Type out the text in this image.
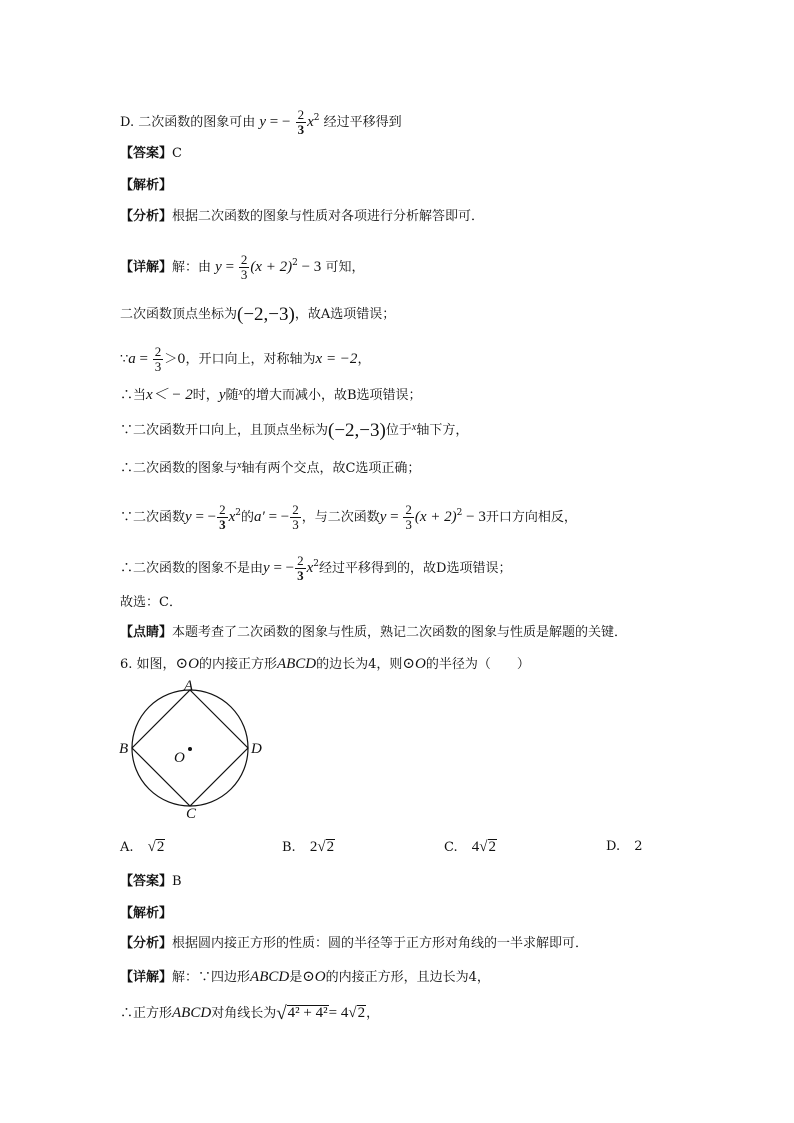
D. 二次函数的图象可由 y = − $\frac{2}{3} x^2$ 经过平移得到
【答案】C
【解析】
【分析】根据二次函数的图象与性质对各项进行分析解答即可．
【详解】解：由 $y = \frac{2}{3} (x + 2)^2 - 3$ 可知，
二次函数顶点坐标为(−2,−3)，故A选项错误；
∵a = $\frac{2}{3} >0$，开口向上，对称轴为x = −2，
∴当x＜ − 2时，y随$^x$的增大而减小，故B选项错误；
∵二次函数开口向上，且顶点坐标为(−2,−3)位于$^x$轴下方，
∴二次函数的图象与$^x$轴有两个交点，故C选项正确；
∵二次函数y = − $\frac{2}{3} x^2$的a′ = − $\frac{2}{3}$ ，与二次函数$y = \frac{2}{3} (x + 2)^2 - 3$开口方向相反，
∴二次函数的图象不是由y = − $\frac{2}{3} x^2$经过平移得到的，故D选项错误；
故选：C．
【点睛】本题考查了二次函数的图象与性质，熟记二次函数的图象与性质是解题的关键．
6. 如图，⊙O的内接正方形ABCD的边长为4，则⊙O的半径为（　　）
A
B
C
D
O
A. √2	B. 2√2	C. 4√2	D. 2
【答案】B
【解析】
【分析】根据圆内接正方形的性质：圆的半径等于正方形对角线的一半求解即可．
【详解】解：∵四边形ABCD是⊙O的内接正方形，且边长为4，
∴正方形ABCD对角线长为√4² + 4²= 4√2，
